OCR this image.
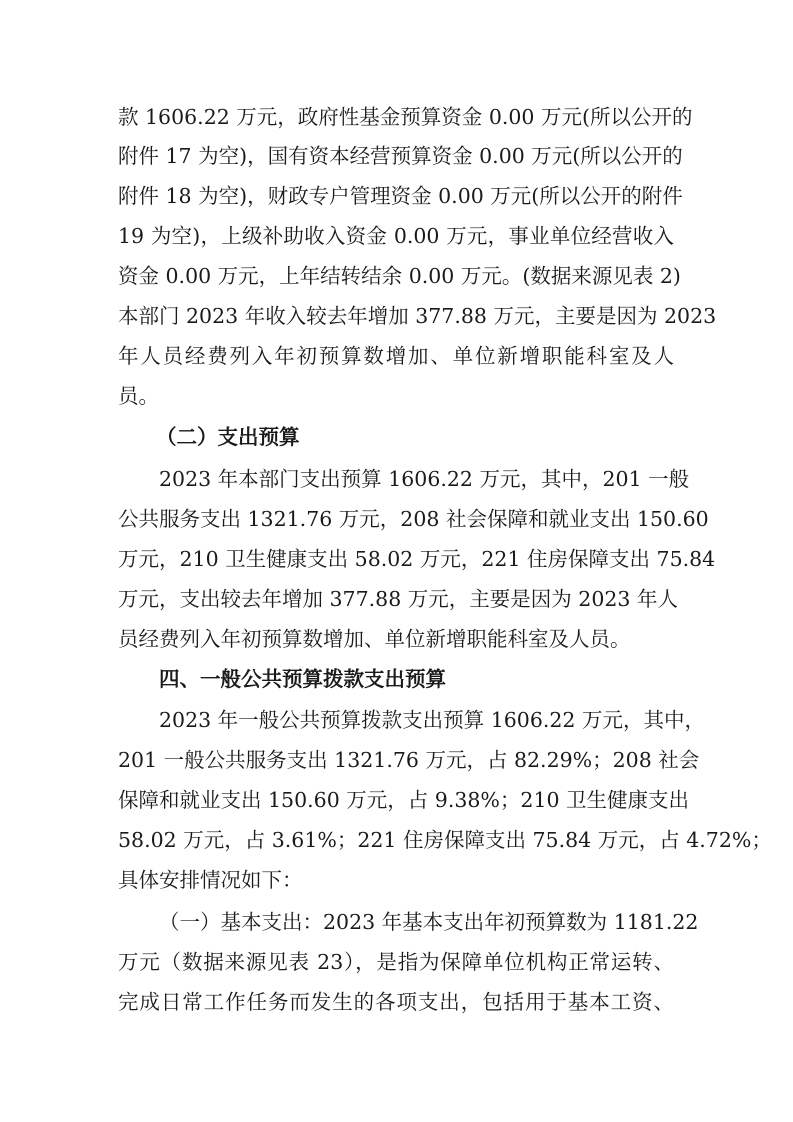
款 1606.22 万元，政府性基金预算资金 0.00 万元(所以公开的
附件 17 为空)，国有资本经营预算资金 0.00 万元(所以公开的
附件 18 为空)，财政专户管理资金 0.00 万元(所以公开的附件
19 为空)，上级补助收入资金 0.00 万元，事业单位经营收入
资金 0.00 万元，上年结转结余 0.00 万元。(数据来源见表 2)
本部门 2023 年收入较去年增加 377.88 万元，主要是因为 2023
年人员经费列入年初预算数增加、单位新增职能科室及人
员。
（二）支出预算
2023 年本部门支出预算 1606.22 万元，其中，201 一般
公共服务支出 1321.76 万元，208 社会保障和就业支出 150.60
万元，210 卫生健康支出 58.02 万元，221 住房保障支出 75.84
万元，支出较去年增加 377.88 万元，主要是因为 2023 年人
员经费列入年初预算数增加、单位新增职能科室及人员。
四、一般公共预算拨款支出预算
2023 年一般公共预算拨款支出预算 1606.22 万元，其中，
201 一般公共服务支出 1321.76 万元，占 82.29%；208 社会
保障和就业支出 150.60 万元，占 9.38%；210 卫生健康支出
58.02 万元，占 3.61%；221 住房保障支出 75.84 万元，占 4.72%；
具体安排情况如下：
（一）基本支出：2023 年基本支出年初预算数为 1181.22
万元（数据来源见表 23），是指为保障单位机构正常运转、
完成日常工作任务而发生的各项支出，包括用于基本工资、
